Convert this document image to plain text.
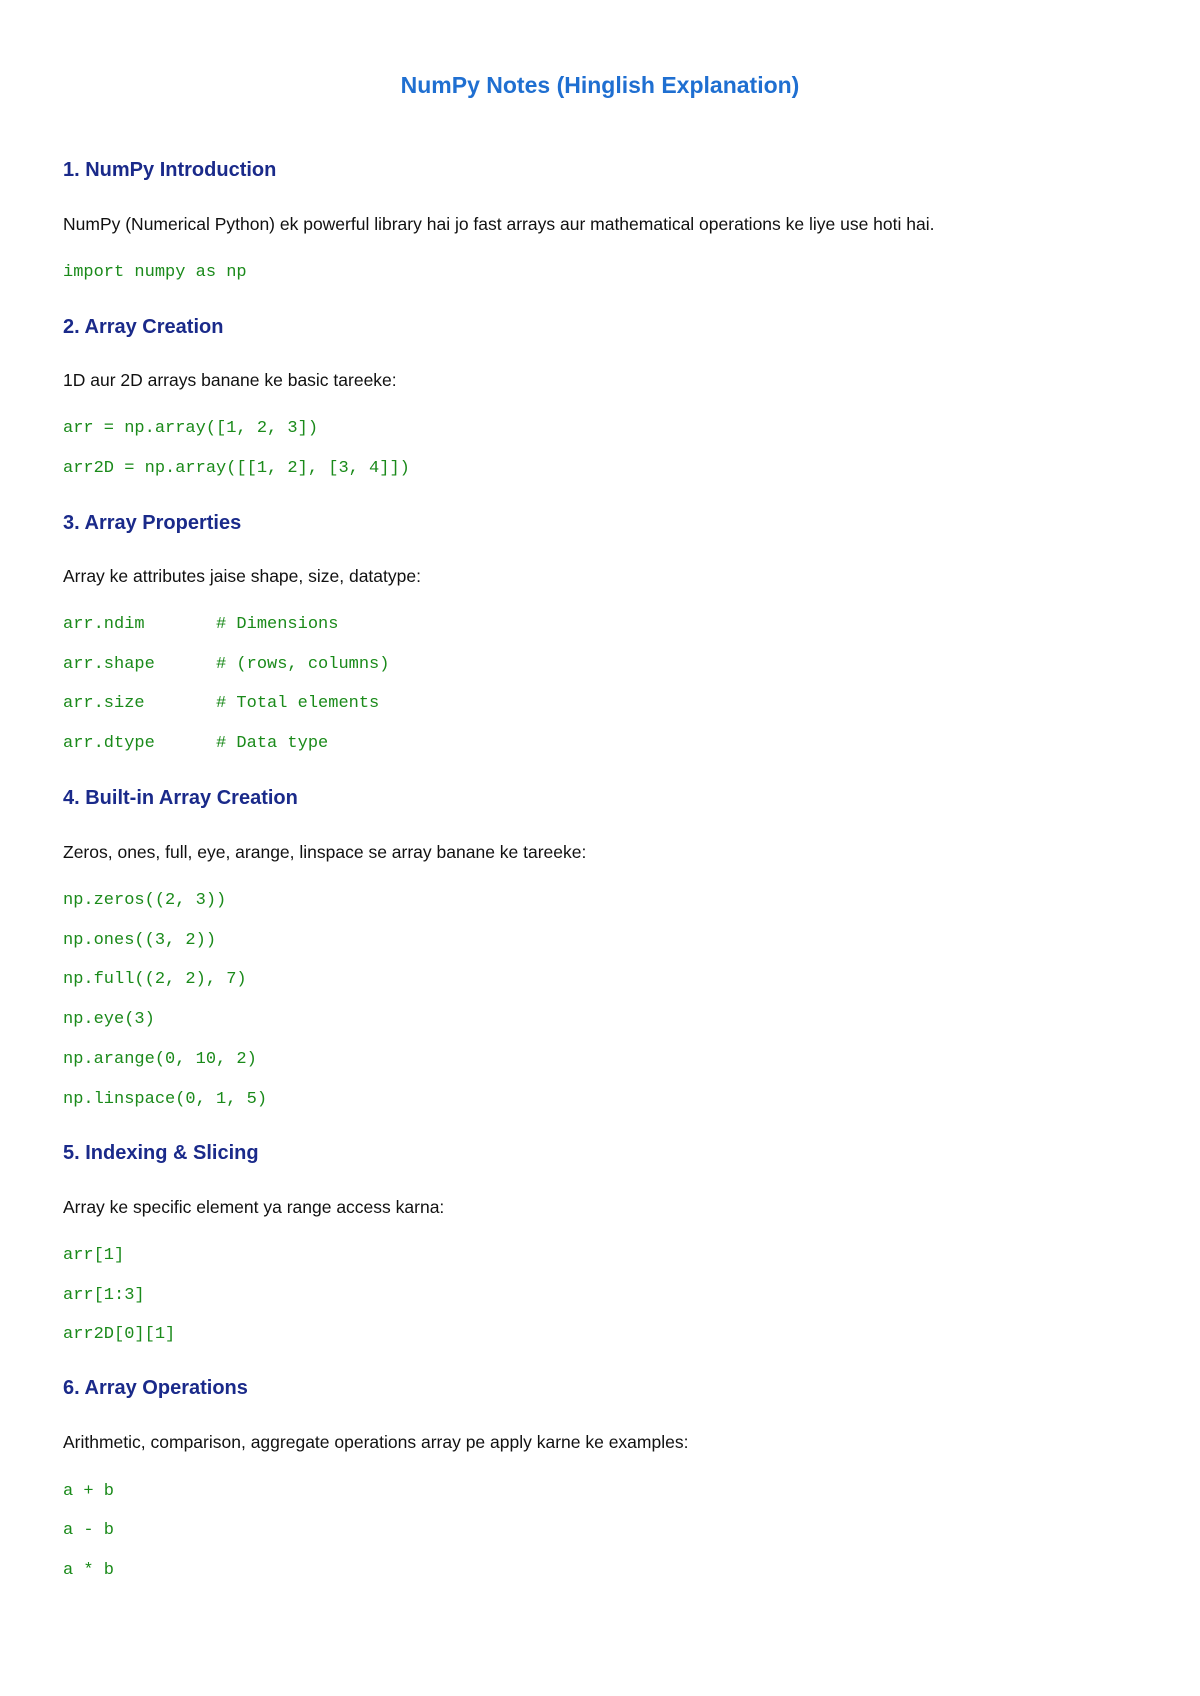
NumPy Notes (Hinglish Explanation)
1. NumPy Introduction
NumPy (Numerical Python) ek powerful library hai jo fast arrays aur mathematical operations ke liye use hoti hai.
import numpy as np
2. Array Creation
1D aur 2D arrays banane ke basic tareeke:
arr = np.array([1, 2, 3])
arr2D = np.array([[1, 2], [3, 4]])
3. Array Properties
Array ke attributes jaise shape, size, datatype:
arr.ndim       # Dimensions
arr.shape      # (rows, columns)
arr.size       # Total elements
arr.dtype      # Data type
4. Built-in Array Creation
Zeros, ones, full, eye, arange, linspace se array banane ke tareeke:
np.zeros((2, 3))
np.ones((3, 2))
np.full((2, 2), 7)
np.eye(3)
np.arange(0, 10, 2)
np.linspace(0, 1, 5)
5. Indexing & Slicing
Array ke specific element ya range access karna:
arr[1]
arr[1:3]
arr2D[0][1]
6. Array Operations
Arithmetic, comparison, aggregate operations array pe apply karne ke examples:
a + b
a - b
a * b
